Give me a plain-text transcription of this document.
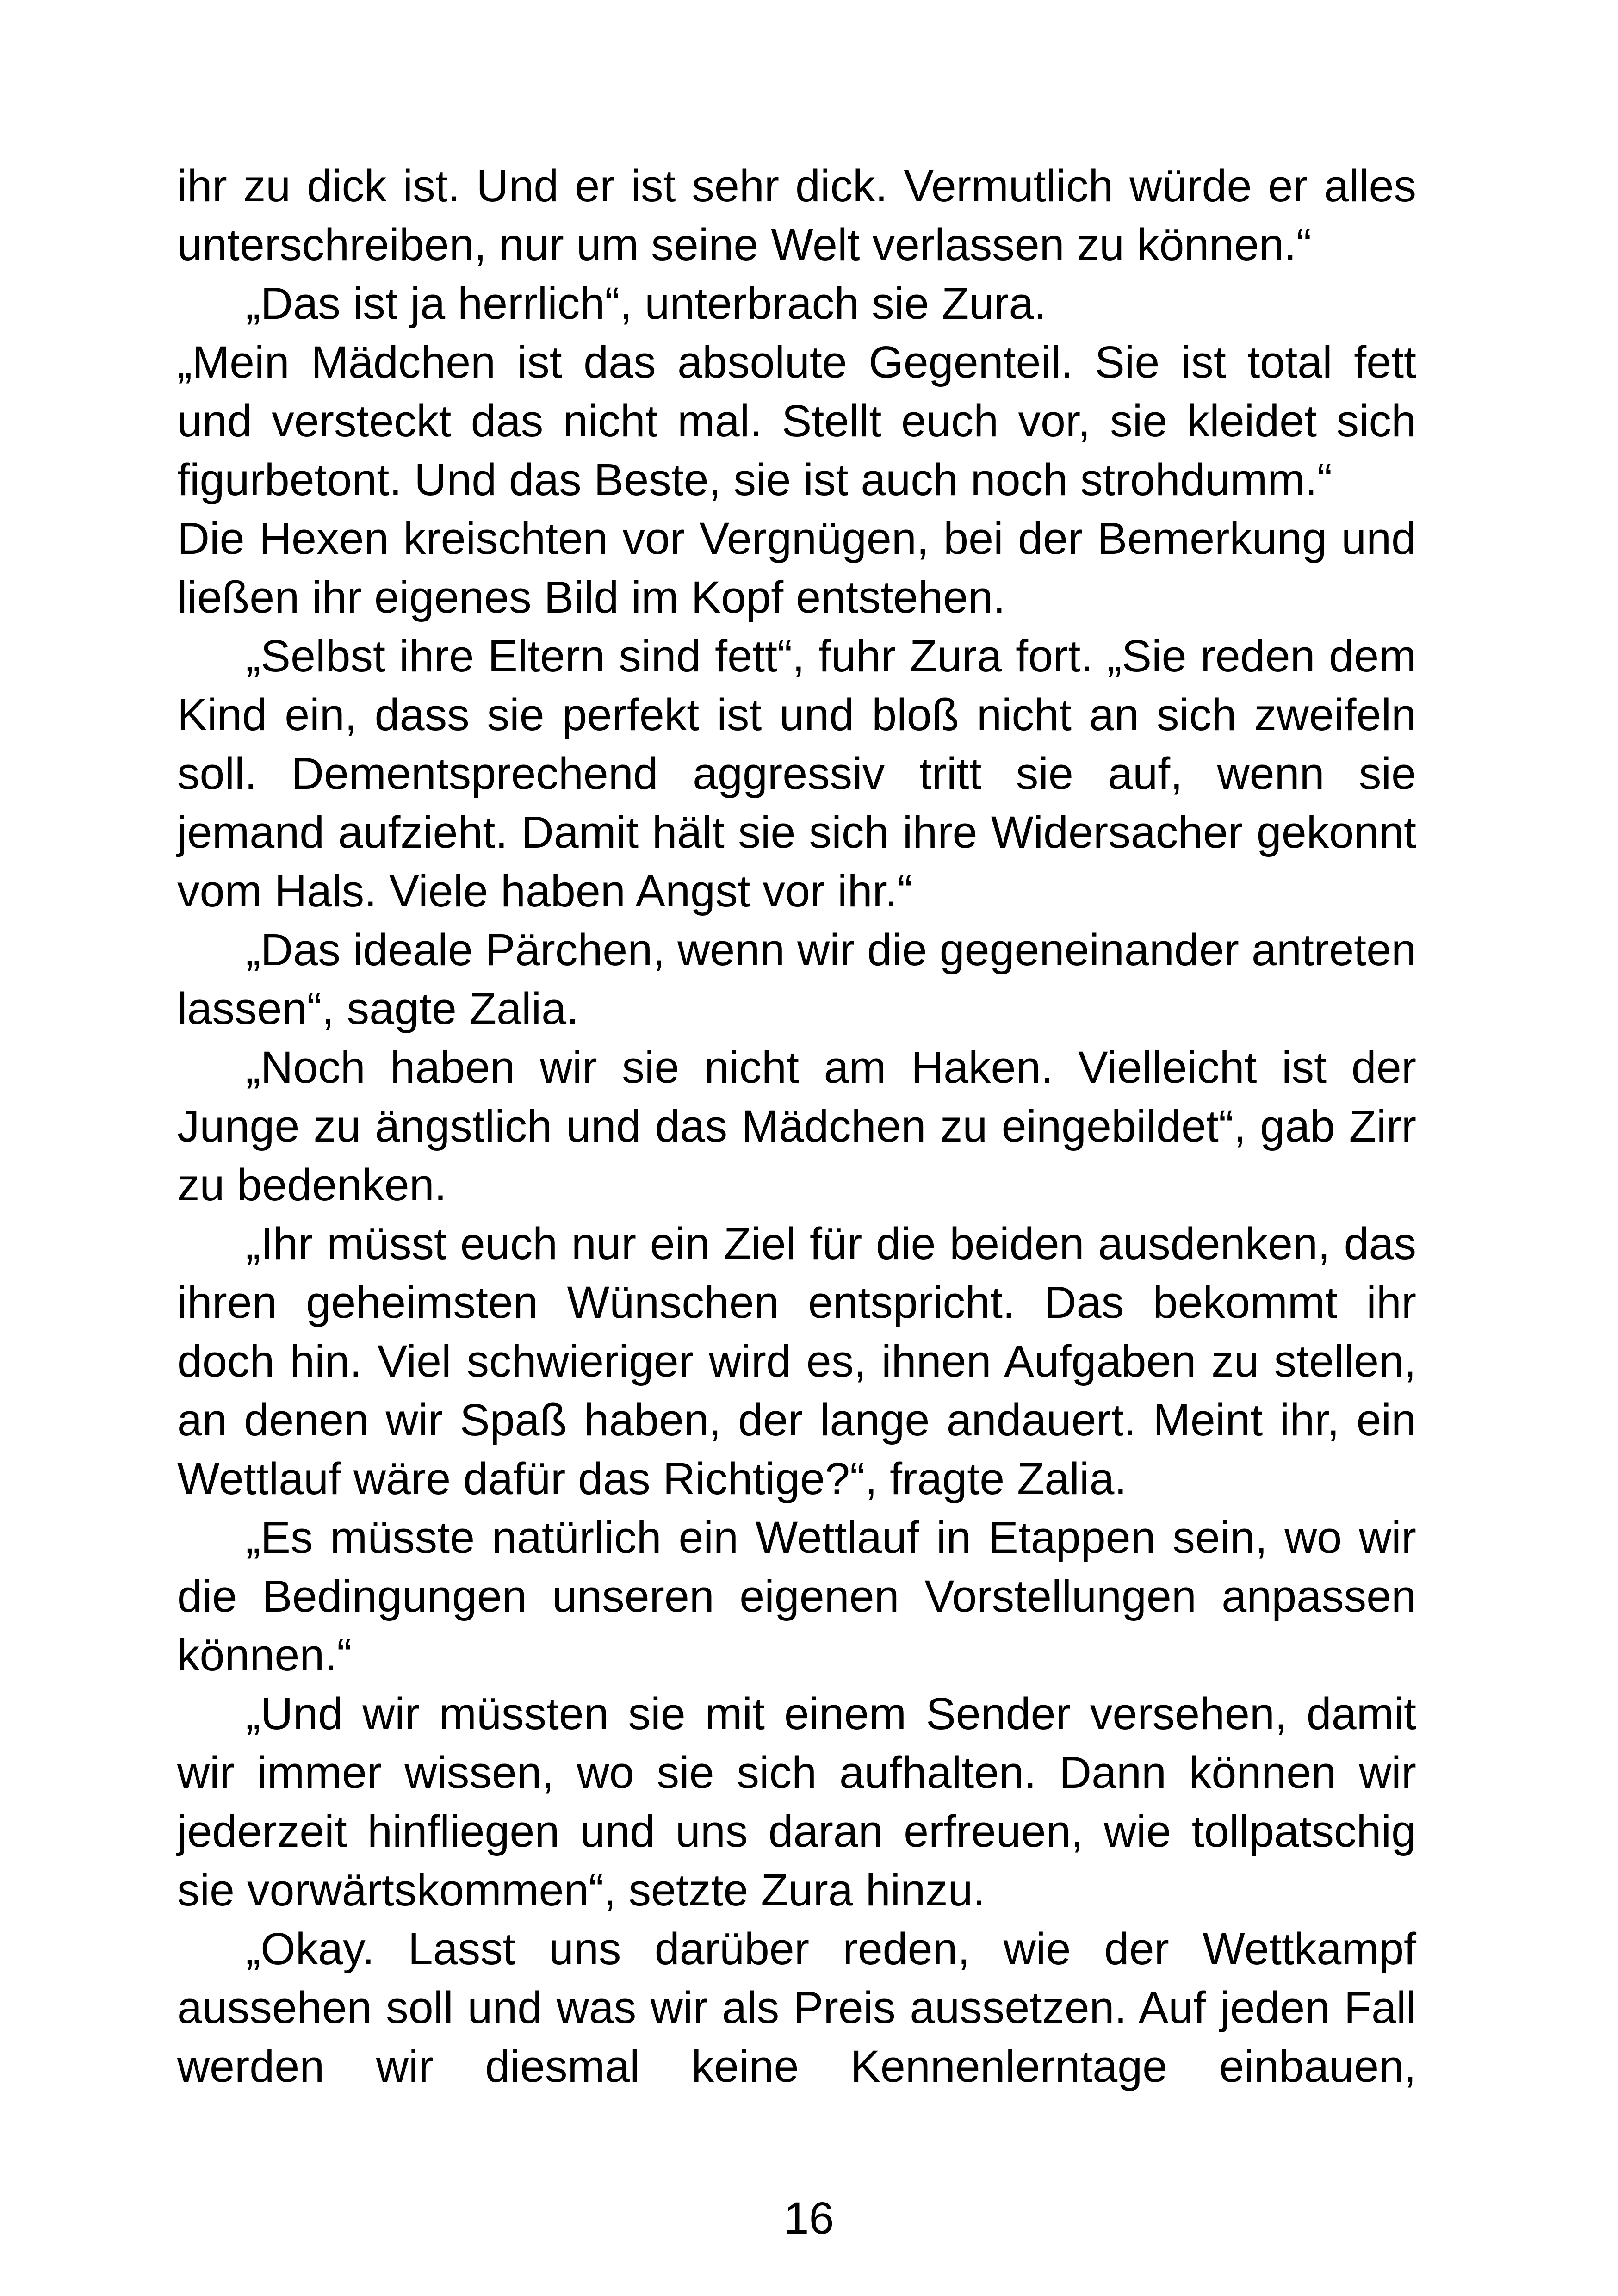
ihr zu dick ist. Und er ist sehr dick. Vermutlich würde er alles unterschreiben, nur um seine Welt verlassen zu können.“

„Das ist ja herrlich“, unterbrach sie Zura.

„Mein Mädchen ist das absolute Gegenteil. Sie ist total fett und versteckt das nicht mal. Stellt euch vor, sie kleidet sich figurbetont. Und das Beste, sie ist auch noch strohdumm.“

Die Hexen kreischten vor Vergnügen, bei der Bemerkung und ließen ihr eigenes Bild im Kopf entstehen.

„Selbst ihre Eltern sind fett“, fuhr Zura fort. „Sie reden dem Kind ein, dass sie perfekt ist und bloß nicht an sich zweifeln soll. Dementsprechend aggressiv tritt sie auf, wenn sie jemand aufzieht. Damit hält sie sich ihre Widersacher gekonnt vom Hals. Viele haben Angst vor ihr.“

„Das ideale Pärchen, wenn wir die gegeneinander antreten lassen“, sagte Zalia.

„Noch haben wir sie nicht am Haken. Vielleicht ist der Junge zu ängstlich und das Mädchen zu eingebildet“, gab Zirr zu bedenken.

„Ihr müsst euch nur ein Ziel für die beiden ausdenken, das ihren geheimsten Wünschen entspricht. Das bekommt ihr doch hin. Viel schwieriger wird es, ihnen Aufgaben zu stellen, an denen wir Spaß haben, der lange andauert. Meint ihr, ein Wettlauf wäre dafür das Richtige?“, fragte Zalia.

„Es müsste natürlich ein Wettlauf in Etappen sein, wo wir die Bedingungen unseren eigenen Vorstellungen anpassen können.“

„Und wir müssten sie mit einem Sender versehen, damit wir immer wissen, wo sie sich aufhalten. Dann können wir jederzeit hinfliegen und uns daran erfreuen, wie tollpatschig sie vorwärtskommen“, setzte Zura hinzu.

„Okay. Lasst uns darüber reden, wie der Wettkampf aussehen soll und was wir als Preis aussetzen. Auf jeden Fall werden wir diesmal keine Kennenlerntage einbauen,

16
